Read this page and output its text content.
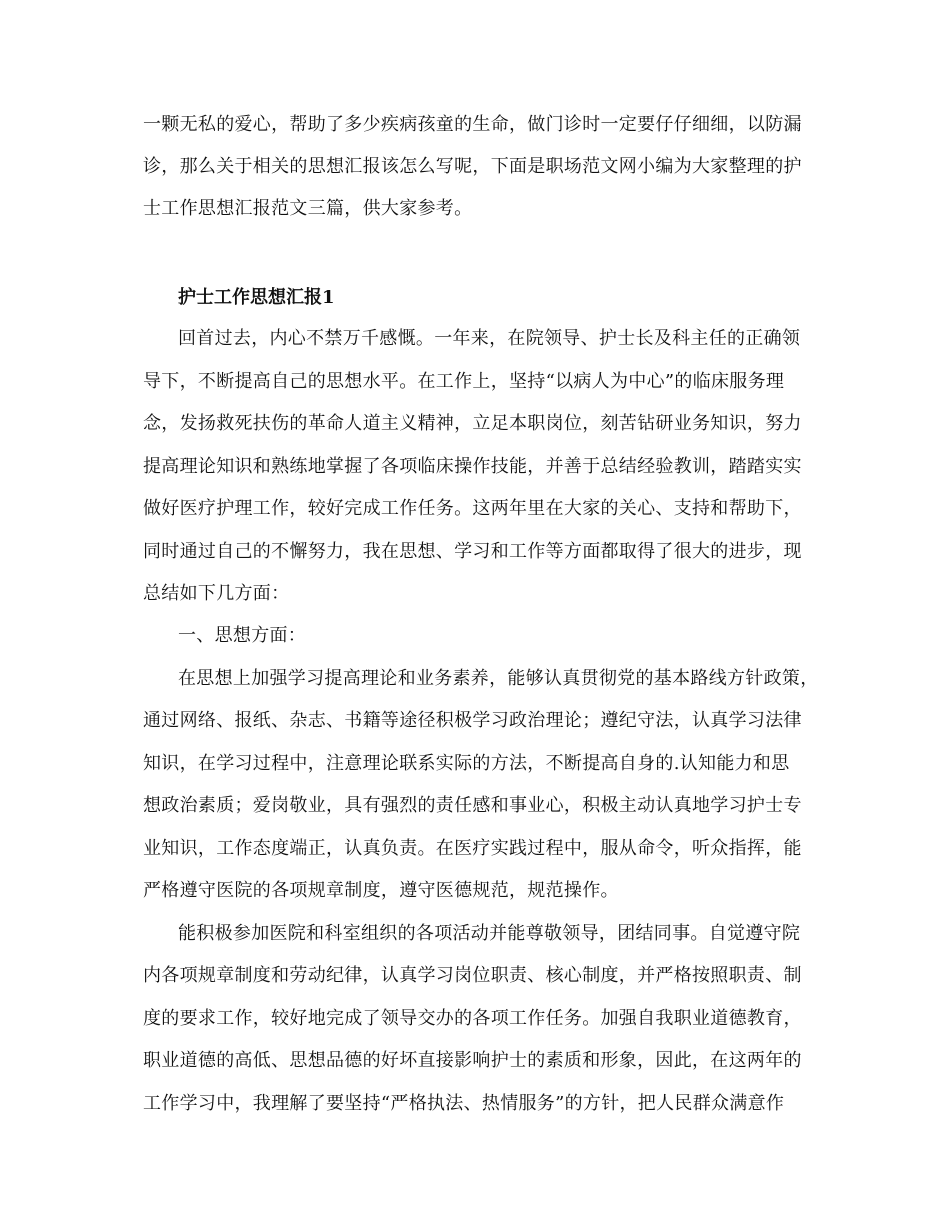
一颗无私的爱心，帮助了多少疾病孩童的生命，做门诊时一定要仔仔细细，以防漏
诊，那么关于相关的思想汇报该怎么写呢，下面是职场范文网小编为大家整理的护
士工作思想汇报范文三篇，供大家参考。
护士工作思想汇报1
回首过去，内心不禁万千感慨。一年来，在院领导、护士长及科主任的正确领
导下，不断提高自己的思想水平。在工作上，坚持“以病人为中心”的临床服务理
念，发扬救死扶伤的革命人道主义精神，立足本职岗位，刻苦钻研业务知识，努力
提高理论知识和熟练地掌握了各项临床操作技能，并善于总结经验教训，踏踏实实
做好医疗护理工作，较好完成工作任务。这两年里在大家的关心、支持和帮助下，
同时通过自己的不懈努力，我在思想、学习和工作等方面都取得了很大的进步，现
总结如下几方面：
一、思想方面：
在思想上加强学习提高理论和业务素养，能够认真贯彻党的基本路线方针政策，
通过网络、报纸、杂志、书籍等途径积极学习政治理论；遵纪守法，认真学习法律
知识，在学习过程中，注意理论联系实际的方法，不断提高自身的.认知能力和思
想政治素质；爱岗敬业，具有强烈的责任感和事业心，积极主动认真地学习护士专
业知识，工作态度端正，认真负责。在医疗实践过程中，服从命令，听众指挥，能
严格遵守医院的各项规章制度，遵守医德规范，规范操作。
能积极参加医院和科室组织的各项活动并能尊敬领导，团结同事。自觉遵守院
内各项规章制度和劳动纪律，认真学习岗位职责、核心制度，并严格按照职责、制
度的要求工作，较好地完成了领导交办的各项工作任务。加强自我职业道德教育，
职业道德的高低、思想品德的好坏直接影响护士的素质和形象，因此，在这两年的
工作学习中，我理解了要坚持“严格执法、热情服务”的方针，把人民群众满意作
